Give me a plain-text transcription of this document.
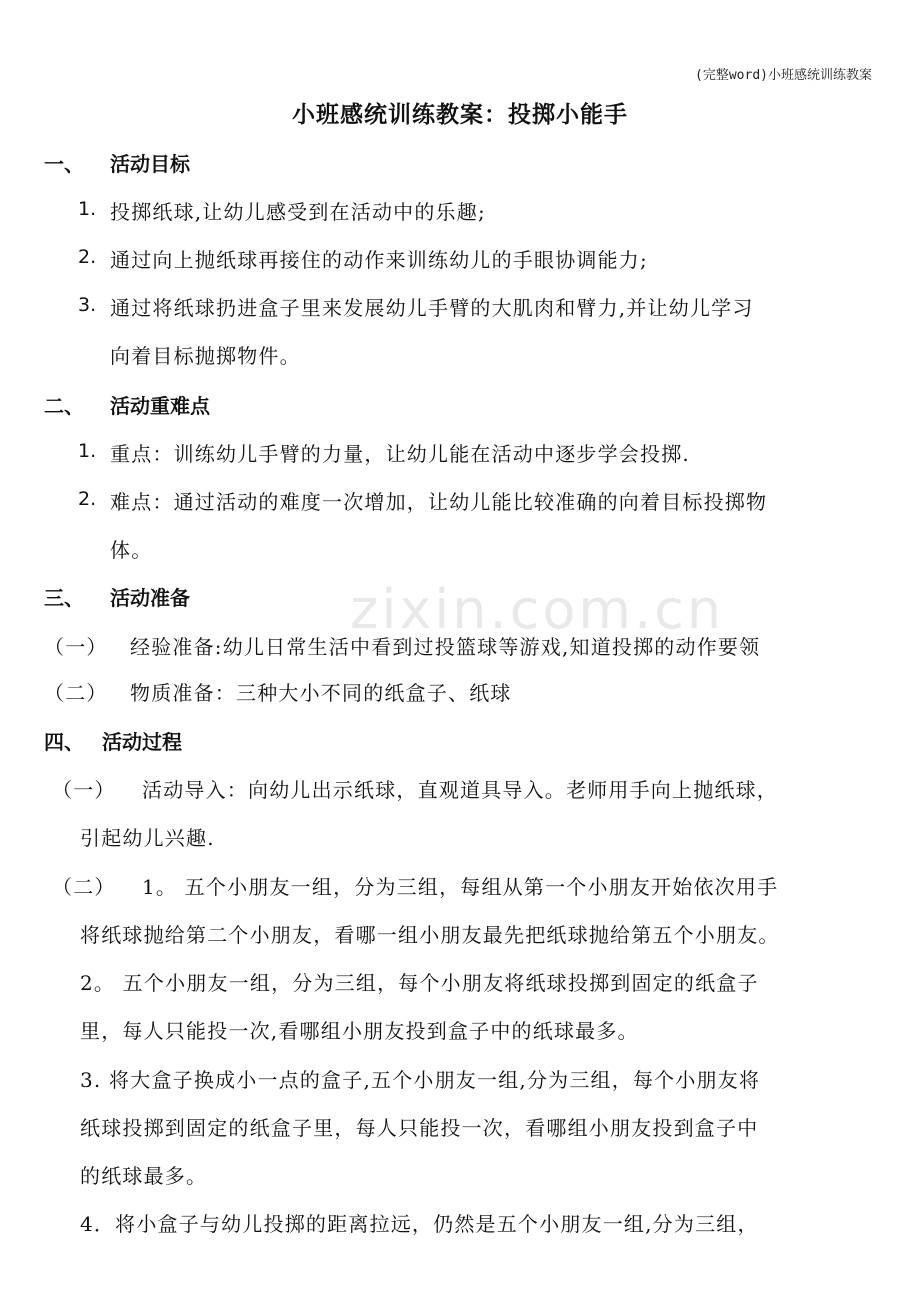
zixin.com.cn
(完整word)小班感统训练教案
小班感统训练教案：投掷小能手
一、 活动目标
1. 投掷纸球,让幼儿感受到在活动中的乐趣;
2. 通过向上抛纸球再接住的动作来训练幼儿的手眼协调能力;
3. 通过将纸球扔进盒子里来发展幼儿手臂的大肌肉和臂力,并让幼儿学习
向着目标抛掷物件。
二、 活动重难点
1. 重点：训练幼儿手臂的力量，让幼儿能在活动中逐步学会投掷.
2. 难点：通过活动的难度一次增加，让幼儿能比较准确的向着目标投掷物
体。
三、 活动准备
（一） 经验准备:幼儿日常生活中看到过投篮球等游戏,知道投掷的动作要领
（二） 物质准备：三种大小不同的纸盒子、纸球
四、 活动过程
（一） 活动导入：向幼儿出示纸球，直观道具导入。老师用手向上抛纸球，
引起幼儿兴趣.
（二） 1。 五个小朋友一组，分为三组，每组从第一个小朋友开始依次用手
将纸球抛给第二个小朋友，看哪一组小朋友最先把纸球抛给第五个小朋友。
2。 五个小朋友一组，分为三组，每个小朋友将纸球投掷到固定的纸盒子
里，每人只能投一次,看哪组小朋友投到盒子中的纸球最多。
3. 将大盒子换成小一点的盒子,五个小朋友一组,分为三组，每个小朋友将
纸球投掷到固定的纸盒子里，每人只能投一次，看哪组小朋友投到盒子中
的纸球最多。
4．将小盒子与幼儿投掷的距离拉远，仍然是五个小朋友一组,分为三组，
